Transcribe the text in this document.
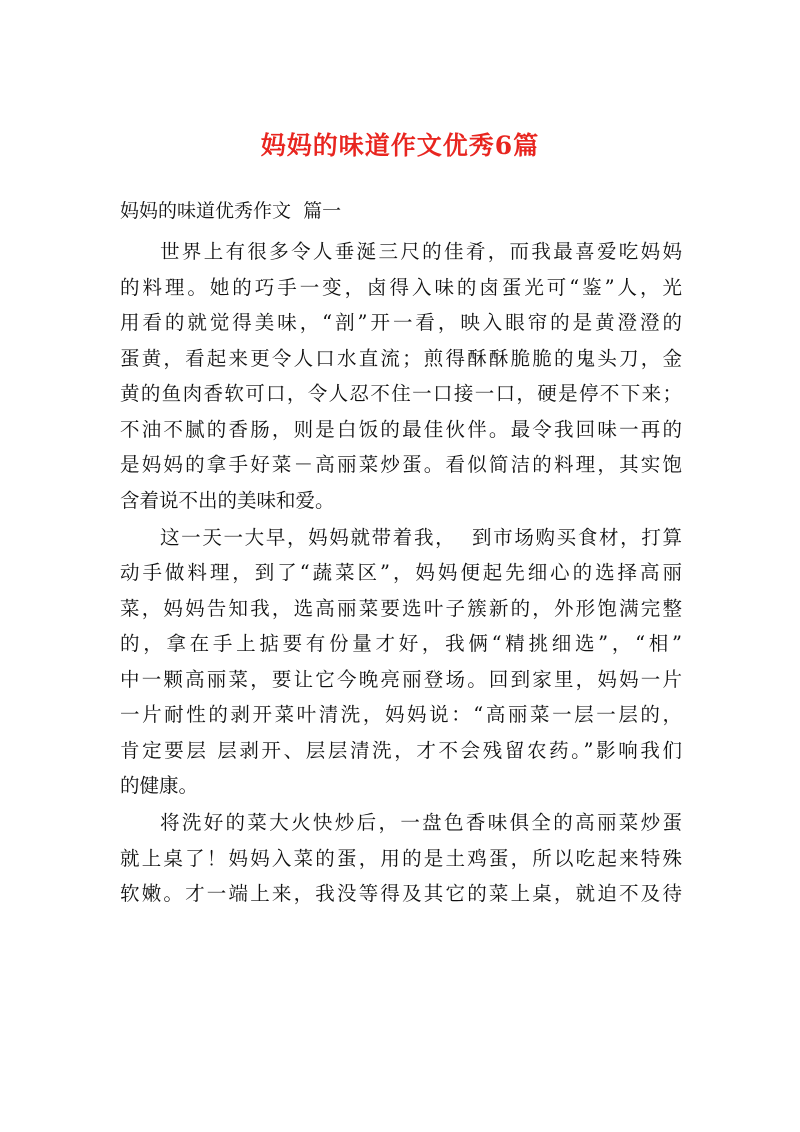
妈妈的味道作文优秀6篇
妈妈的味道优秀作文  篇一
世界上有很多令人垂涎三尺的佳肴，而我最喜爱吃妈妈
的料理。她的巧手一变，卤得入味的卤蛋光可“鉴”人，光
用看的就觉得美味，“剖”开一看，映入眼帘的是黄澄澄的
蛋黄，看起来更令人口水直流；煎得酥酥脆脆的鬼头刀，金
黄的鱼肉香软可口，令人忍不住一口接一口，硬是停不下来；
不油不腻的香肠，则是白饭的最佳伙伴。最令我回味一再的
是妈妈的拿手好菜－高丽菜炒蛋。看似简洁的料理，其实饱
含着说不出的美味和爱。
这一天一大早，妈妈就带着我，  到市场购买食材，打算
动手做料理，到了“蔬菜区”，妈妈便起先细心的选择高丽
菜，妈妈告知我，选高丽菜要选叶子簇新的，外形饱满完整
的，拿在手上掂要有份量才好，我俩“精挑细选”，“相”
中一颗高丽菜，要让它今晚亮丽登场。回到家里，妈妈一片
一片耐性的剥开菜叶清洗，妈妈说：“高丽菜一层一层的，
肯定要层 层剥开、层层清洗，才不会残留农药。”影响我们
的健康。
将洗好的菜大火快炒后，一盘色香味俱全的高丽菜炒蛋
就上桌了！妈妈入菜的蛋，用的是土鸡蛋，所以吃起来特殊
软嫩。才一端上来，我没等得及其它的菜上桌，就迫不及待
